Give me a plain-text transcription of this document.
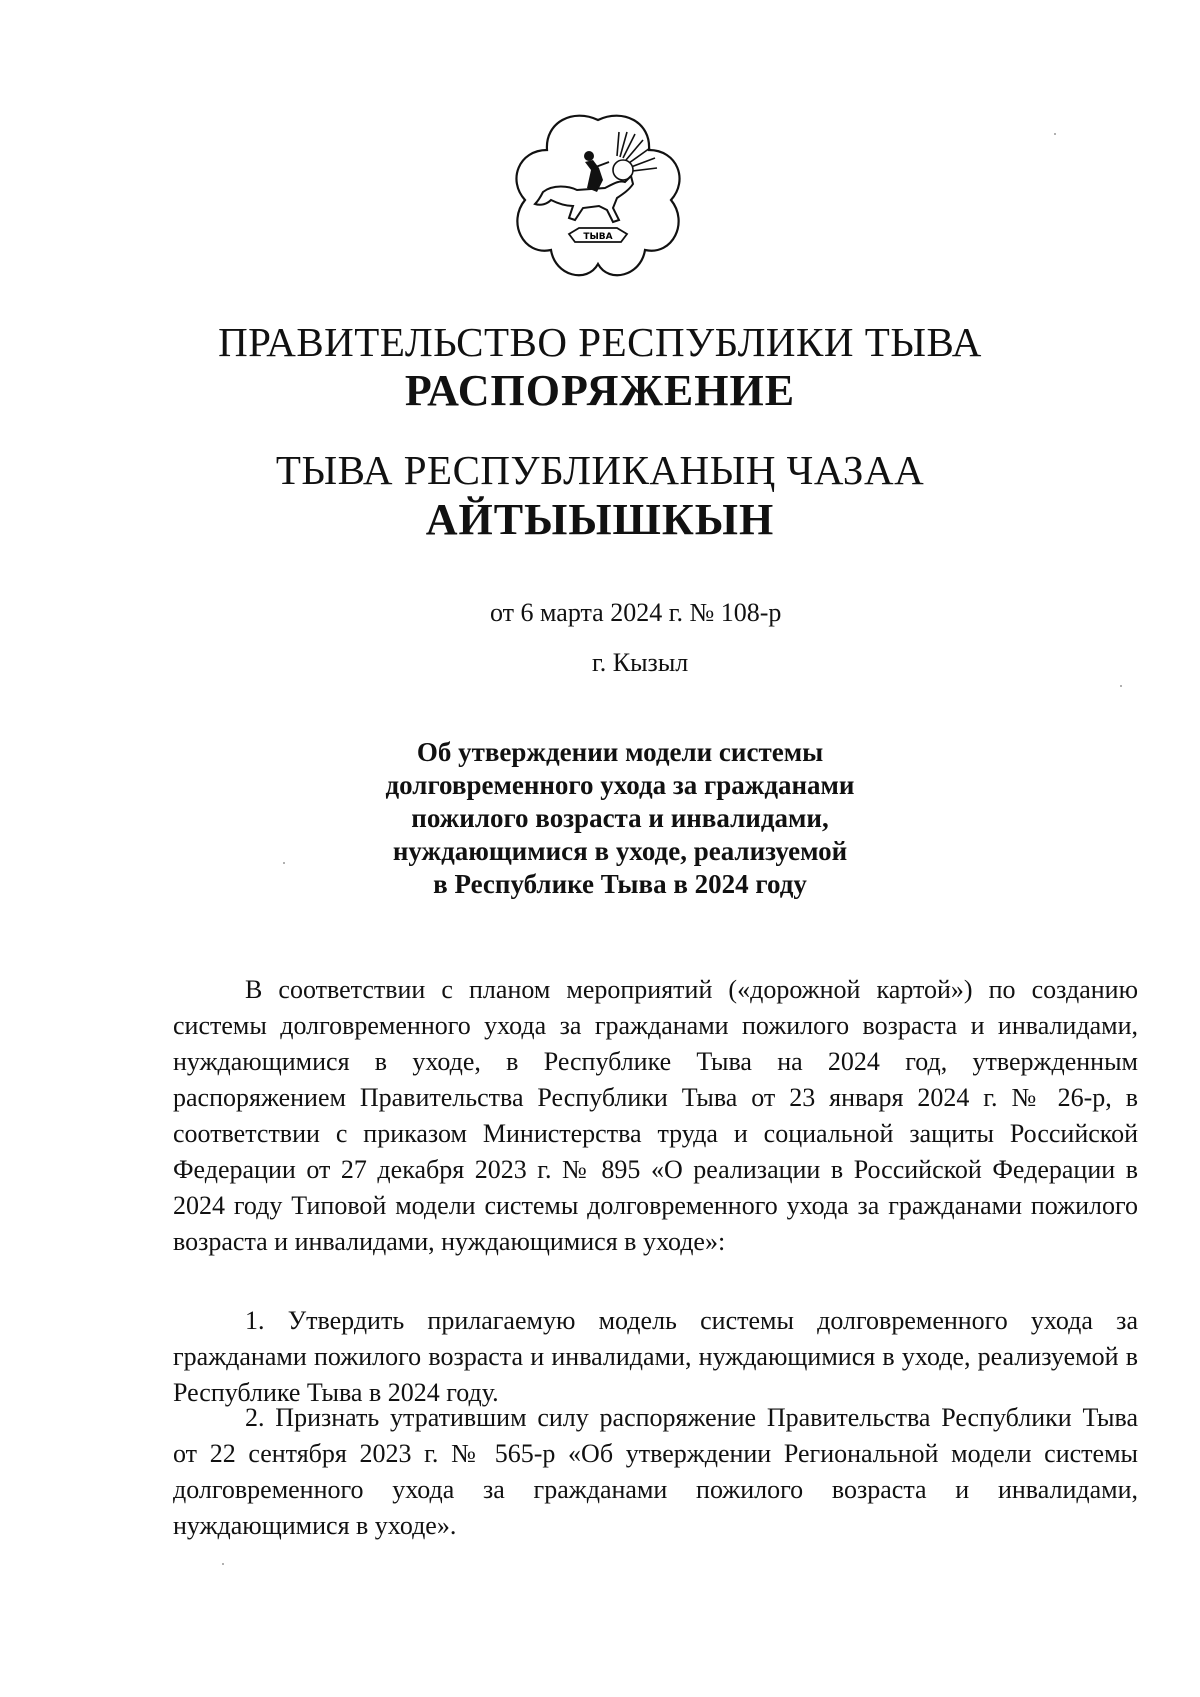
ТЫВА
ПРАВИТЕЛЬСТВО РЕСПУБЛИКИ ТЫВА
РАСПОРЯЖЕНИЕ
ТЫВА РЕСПУБЛИКАНЫҢ ЧАЗАА
АЙТЫЫШКЫН
от 6 марта 2024 г. № 108-р
г. Кызыл
Об утверждении модели системы
долговременного ухода за гражданами
пожилого возраста и инвалидами,
нуждающимися в уходе, реализуемой
в Республике Тыва в 2024 году

В соответствии с планом мероприятий («дорожной картой») по созданию системы долговременного ухода за гражданами пожилого возраста и инвалидами, нуждающимися в уходе, в Республике Тыва на 2024 год, утвержденным распоряжением Правительства Республики Тыва от 23 января 2024 г. № 26-р, в соответствии с приказом Министерства труда и социальной защиты Российской Федерации от 27 декабря 2023 г. № 895 «О реализации в Российской Федерации в 2024 году Типовой модели системы долговременного ухода за гражданами пожилого возраста и инвалидами, нуждающимися в уходе»:

1. Утвердить прилагаемую модель системы долговременного ухода за гражданами пожилого возраста и инвалидами, нуждающимися в уходе, реализуемой в Республике Тыва в 2024 году.

2. Признать утратившим силу распоряжение Правительства Республики Тыва от 22 сентября 2023 г. № 565-р «Об утверждении Региональной модели системы долговременного ухода за гражданами пожилого возраста и инвалидами, нуждающимися в уходе».
